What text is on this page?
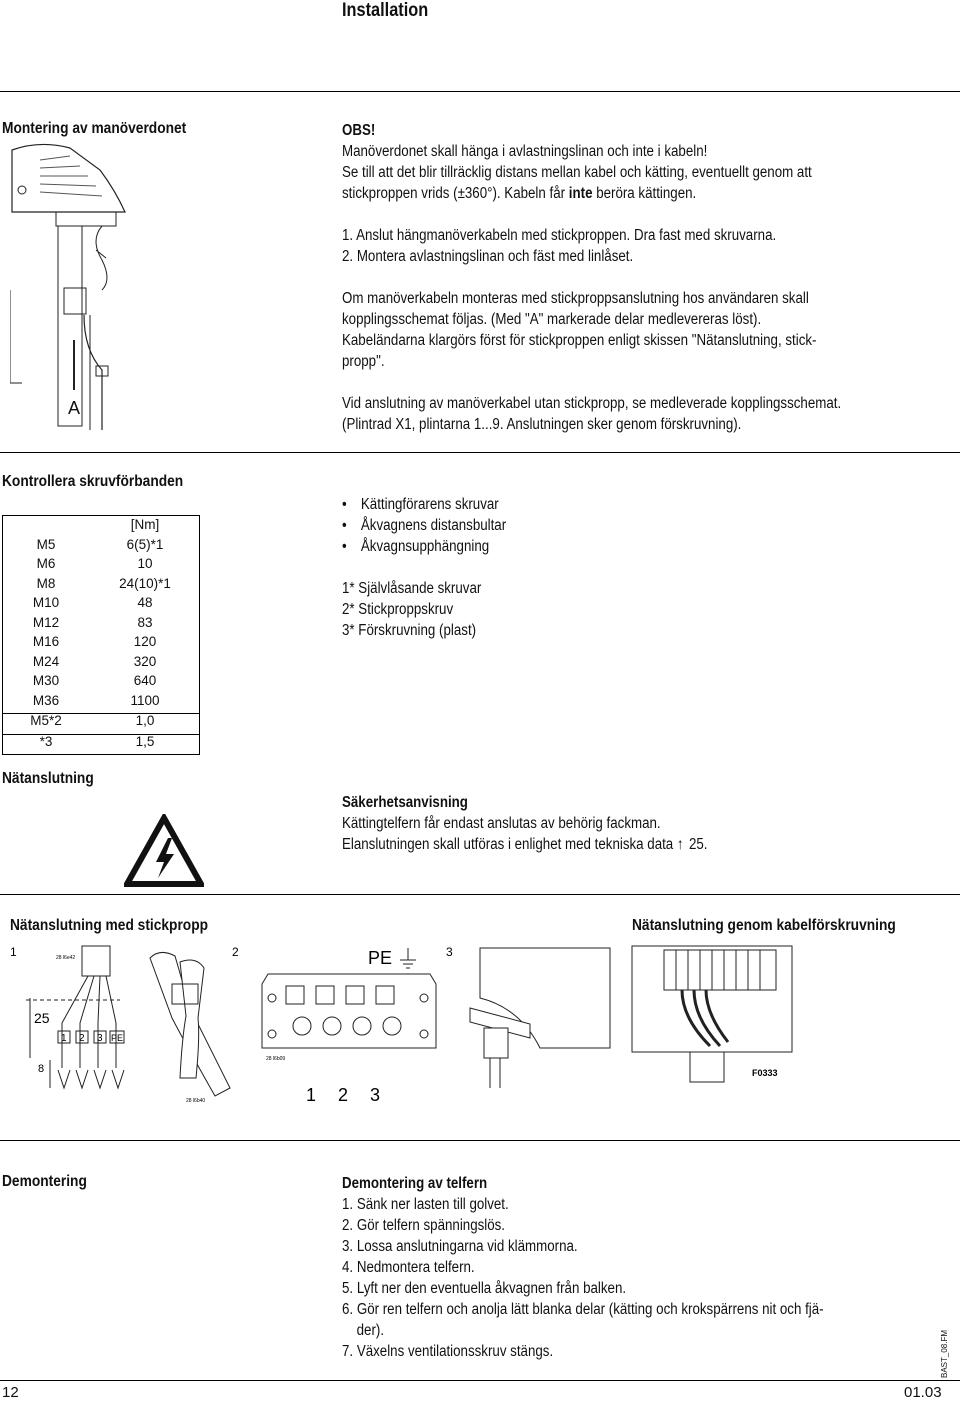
Installation
Montering av manöverdonet
A
OBS!
Manöverdonet skall hänga i avlastningslinan och inte i kabeln!
Se till att det blir tillräcklig distans mellan kabel och kätting, eventuellt genom att
stickproppen vrids (±360°). Kabeln får inte beröra kättingen.
1. Anslut hängmanöverkabeln med stickproppen. Dra fast med skruvarna.
2. Montera avlastningslinan och fäst med linlåset.
Om manöverkabeln monteras med stickproppsanslutning hos användaren skall
kopplingsschemat följas. (Med "A" markerade delar medlevereras löst).
Kabeländarna klargörs först för stickproppen enligt skissen "Nätanslutning, stick-
propp".
Vid anslutning av manöverkabel utan stickpropp, se medleverade kopplingsschemat.
(Plintrad X1, plintarna 1...9. Anslutningen sker genom förskruvning).
Kontrollera skruvförbanden
	[Nm]
M5	6(5)*1
M6	10
M8	24(10)*1
M10	48
M12	83
M16	120
M24	320
M30	640
M36	1100
M5*2	1,0
*3	1,5
• Kättingförarens skruvar
• Åkvagnens distansbultar
• Åkvagnsupphängning
1* Självlåsande skruvar
2* Stickproppskruv
3* Förskruvning (plast)
Nätanslutning
Säkerhetsanvisning
Kättingtelfern får endast anslutas av behörig fackman.
Elanslutningen skall utföras i enlighet med tekniska data ↑ 25.
Nätanslutning med stickpropp	Nätanslutning genom kabelförskruvning
1	28 l6e42
25
1 2 3 PE
8
28 l6b40
2	PE
28 l6b09
1 2 3
3
F0333
Demontering	Demontering av telfern
1. Sänk ner lasten till golvet.
2. Gör telfern spänningslös.
3. Lossa anslutningarna vid klämmorna.
4. Nedmontera telfern.
5. Lyft ner den eventuella åkvagnen från balken.
6. Gör ren telfern och anolja lätt blanka delar (kätting och krokspärrens nit och fjä-
der).
7. Växelns ventilationsskruv stängs.
12	01.03
BAST_08.FM
